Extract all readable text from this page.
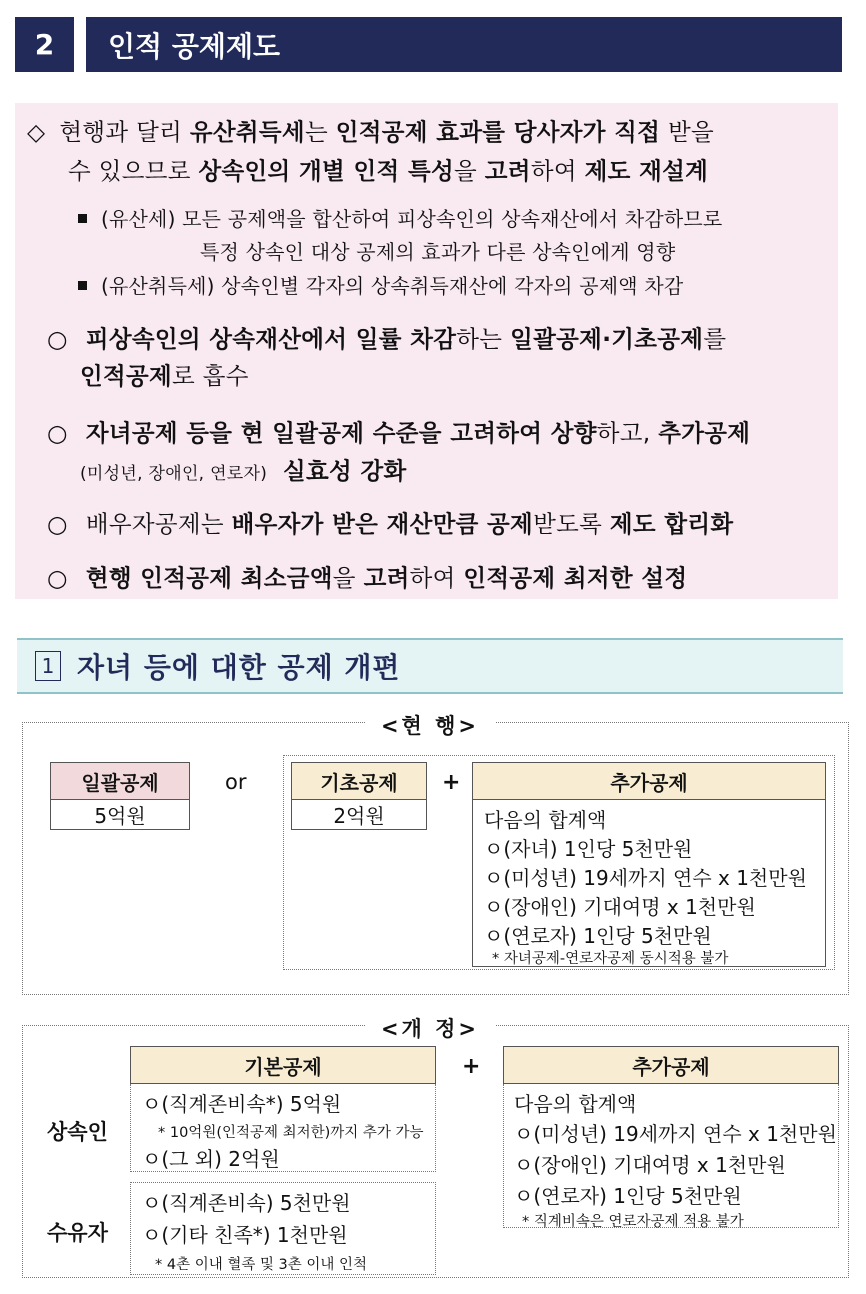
2	인적 공제제도
◇ 현행과 달리 유산취득세는 인적공제 효과를 당사자가 직접 받을
수 있으므로 상속인의 개별 인적 특성을 고려하여 제도 재설계
(유산세) 모든 공제액을 합산하여 피상속인의 상속재산에서 차감하므로
특정 상속인 대상 공제의 효과가 다른 상속인에게 영향
(유산취득세) 상속인별 각자의 상속취득재산에 각자의 공제액 차감
○ 피상속인의 상속재산에서 일률 차감하는 일괄공제·기초공제를
인적공제로 흡수
○ 자녀공제 등을 현 일괄공제 수준을 고려하여 상향하고, 추가공제
(미성년, 장애인, 연로자) 실효성 강화
○ 배우자공제는 배우자가 받은 재산만큼 공제받도록 제도 합리화
○ 현행 인적공제 최소금액을 고려하여 인적공제 최저한 설정
1 자녀 등에 대한 공제 개편
<현 행>
일괄공제
5억원
or	기초공제
2억원
+	추가공제
다음의 합계액
ㅇ(자녀) 1인당 5천만원
ㅇ(미성년) 19세까지 연수 x 1천만원
ㅇ(장애인) 기대여명 x 1천만원
ㅇ(연로자) 1인당 5천만원
* 자녀공제-연로자공제 동시적용 불가
<개 정>
기본공제
ㅇ(직계존비속*) 5억원
* 10억원(인적공제 최저한)까지 추가 가능
ㅇ(그 외) 2억원
ㅇ(직계존비속) 5천만원
ㅇ(기타 친족*) 1천만원
* 4촌 이내 혈족 및 3촌 이내 인척
상속인
수유자
+	추가공제
다음의 합계액
ㅇ(미성년) 19세까지 연수 x 1천만원
ㅇ(장애인) 기대여명 x 1천만원
ㅇ(연로자) 1인당 5천만원
* 직계비속은 연로자공제 적용 불가
